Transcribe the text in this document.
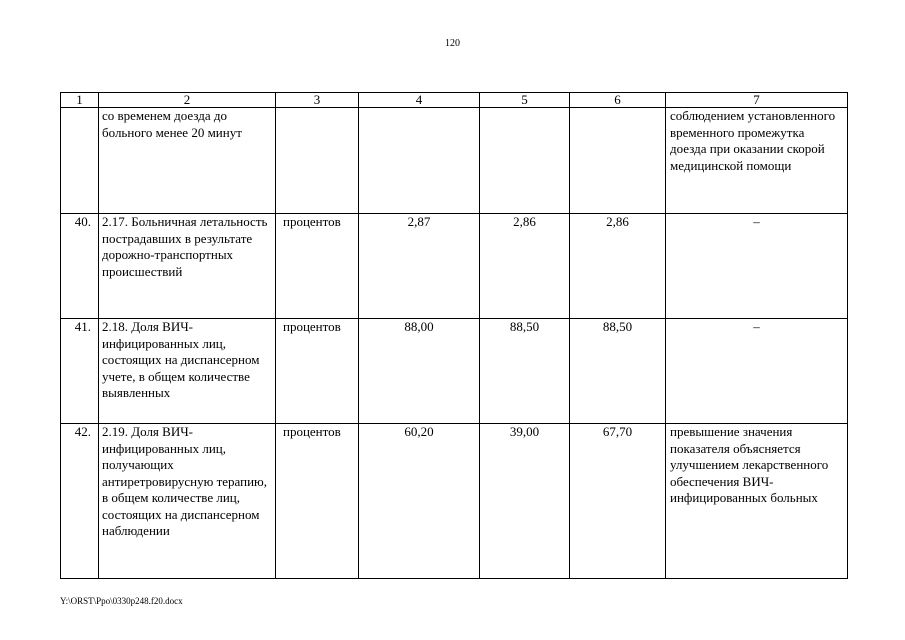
120
1	2	3	4	5	6	7
	со временем доезда до больного менее 20 минут					соблюдением установленного временного промежутка доезда при оказании скорой медицинской помощи
40.	2.17. Больничная летальность пострадавших в результате дорожно-транспортных происшествий	процентов	2,87	2,86	2,86	–
41.	2.18. Доля ВИЧ-инфицированных лиц, состоящих на диспансерном учете, в общем количестве выявленных	процентов	88,00	88,50	88,50	–
42.	2.19. Доля ВИЧ-инфицированных лиц, получающих антиретровирусную терапию, в общем количестве лиц, состоящих на диспансерном наблюдении	процентов	60,20	39,00	67,70	превышение значения показателя объясняется улучшением лекарственного обеспечения ВИЧ-инфицированных больных
Y:\ORST\Ppo\0330p248.f20.docx
